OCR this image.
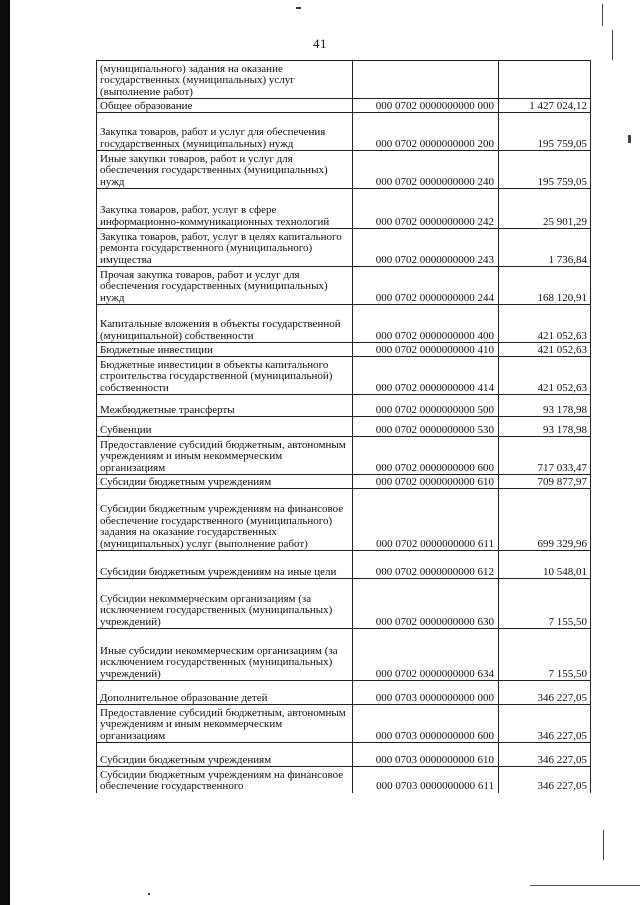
41
(муниципального) задания на оказание государственных (муниципальных) услуг (выполнение работ)		
Общее образование	000 0702 0000000000 000	1 427 024,12
Закупка товаров, работ и услуг для обеспечения государственных (муниципальных) нужд	000 0702 0000000000 200	195 759,05
Иные закупки товаров, работ и услуг для обеспечения государственных (муниципальных) нужд	000 0702 0000000000 240	195 759,05
Закупка товаров, работ, услуг в сфере информационно-коммуникационных технологий	000 0702 0000000000 242	25 901,29
Закупка товаров, работ, услуг в целях капитального ремонта государственного (муниципального) имущества	000 0702 0000000000 243	1 736,84
Прочая закупка товаров, работ и услуг для обеспечения государственных (муниципальных) нужд	000 0702 0000000000 244	168 120,91
Капитальные вложения в объекты государственной (муниципальной) собственности	000 0702 0000000000 400	421 052,63
Бюджетные инвестиции	000 0702 0000000000 410	421 052,63
Бюджетные инвестиции в объекты капитального строительства государственной (муниципальной) собственности	000 0702 0000000000 414	421 052,63
Межбюджетные трансферты	000 0702 0000000000 500	93 178,98
Субвенции	000 0702 0000000000 530	93 178,98
Предоставление субсидий бюджетным, автономным учреждениям и иным некоммерческим организациям	000 0702 0000000000 600	717 033,47
Субсидии бюджетным учреждениям	000 0702 0000000000 610	709 877,97
Субсидии бюджетным учреждениям на финансовое обеспечение государственного (муниципального) задания на оказание государственных (муниципальных) услуг (выполнение работ)	000 0702 0000000000 611	699 329,96
Субсидии бюджетным учреждениям на иные цели	000 0702 0000000000 612	10 548,01
Субсидии некоммерческим организациям (за исключением государственных (муниципальных) учреждений)	000 0702 0000000000 630	7 155,50
Иные субсидии некоммерческим организациям (за исключением государственных (муниципальных) учреждений)	000 0702 0000000000 634	7 155,50
Дополнительное образование детей	000 0703 0000000000 000	346 227,05
Предоставление субсидий бюджетным, автономным учреждениям и иным некоммерческим организациям	000 0703 0000000000 600	346 227,05
Субсидии бюджетным учреждениям	000 0703 0000000000 610	346 227,05
Субсидии бюджетным учреждениям на финансовое обеспечение государственного	000 0703 0000000000 611	346 227,05
